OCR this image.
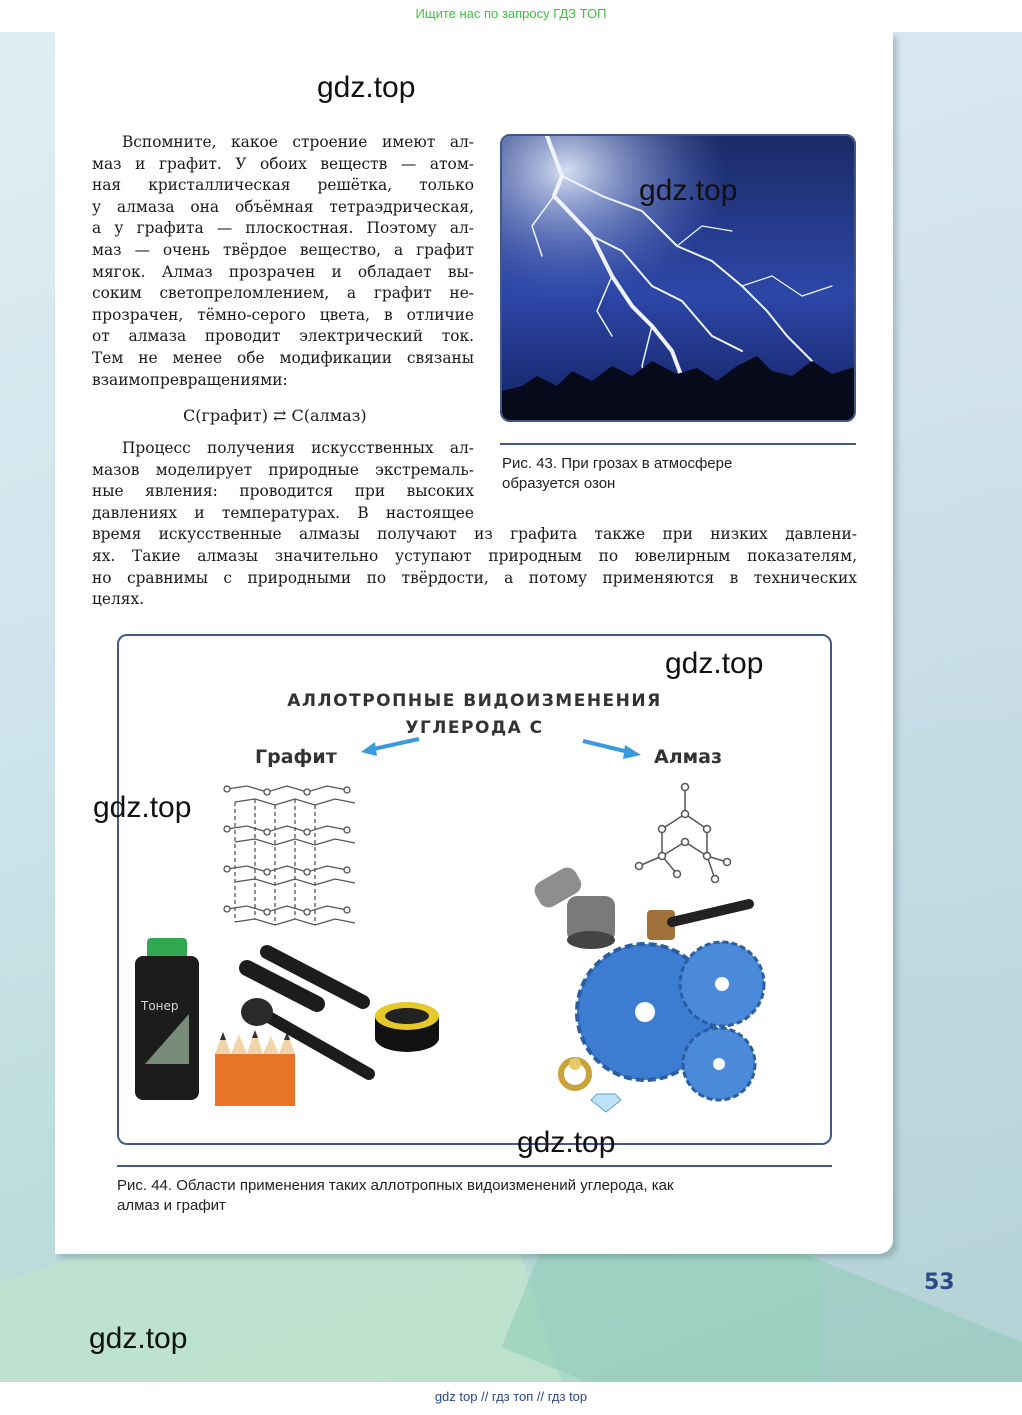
Ищите нас по запросу ГДЗ ТОП
gdz.top

Вспомните, какое строение имеют ал-

маз и графит. У обоих веществ — атом-

ная кристаллическая решётка, только

у алмаза она объёмная тетраэдрическая,

а у графита — плоскостная. Поэтому ал-

маз — очень твёрдое вещество, а графит

мягок. Алмаз прозрачен и обладает вы-

соким светопреломлением, а графит не-

прозрачен, тёмно-серого цвета, в отличие

от алмаза проводит электрический ток.

Тем не менее обе модификации связаны

взаимопревращениями:

C(графит) ⇄ C(алмаз)

Процесс получения искусственных ал-

мазов моделирует природные экстремаль-

ные явления: проводится при высоких

давлениях и температурах. В настоящее

время искусственные алмазы получают из графита также при низких давлени-

ях. Такие алмазы значительно уступают природным по ювелирным показателям,

но сравнимы с природными по твёрдости, а потому применяются в технических

целях.

gdz.top
Рис. 43. При грозах в атмосфере
образуется озон
gdz.top
АЛЛОТРОПНЫЕ ВИДОИЗМЕНЕНИЯ
УГЛЕРОДА С
Тонер
Графит	Алмаз
gdz.top
gdz.top
Рис. 44. Области применения таких аллотропных видоизменений углерода, как
алмаз и графит
53
gdz.top
gdz top // гдз топ // гдз top
